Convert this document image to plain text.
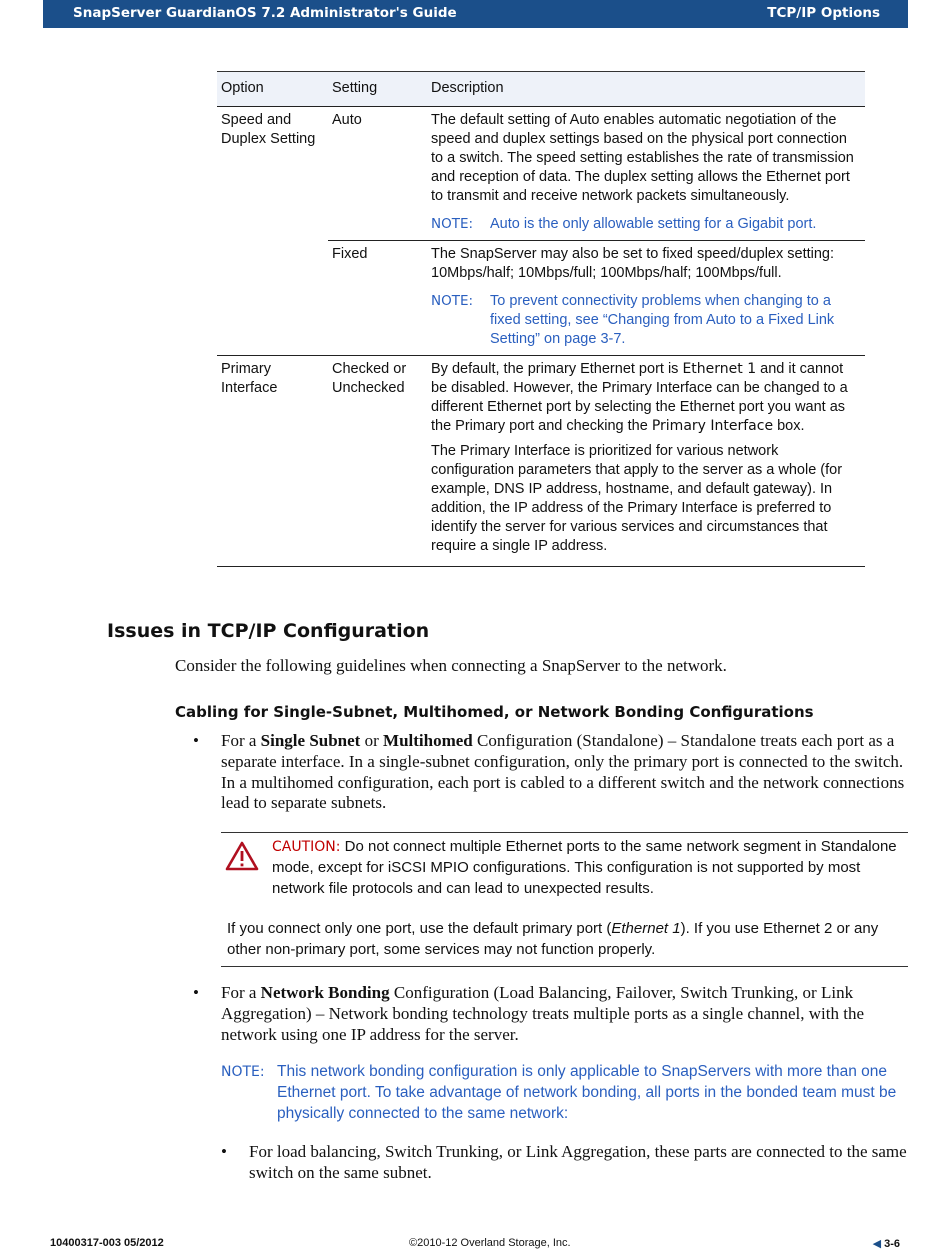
SnapServer GuardianOS 7.2 Administrator's Guide	TCP/IP Options
Option	Setting	Description
Speed and Duplex Setting	Auto	The default setting of Auto enables automatic negotiation of the speed and duplex settings based on the physical port connection to a switch. The speed setting establishes the rate of transmission and reception of data. The duplex setting allows the Ethernet port to transmit and receive network packets simultaneously.
NOTE: Auto is the only allowable setting for a Gigabit port.

	Fixed	The SnapServer may also be set to fixed speed/duplex setting: 10Mbps/half; 10Mbps/full; 100Mbps/half; 100Mbps/full.
NOTE: To prevent connectivity problems when changing to a fixed setting, see “Changing from Auto to a Fixed Link Setting” on page 3-7.

Primary Interface	Checked or Unchecked	By default, the primary Ethernet port is Ethernet 1 and it cannot be disabled. However, the Primary Interface can be changed to a different Ethernet port by selecting the Ethernet port you want as the Primary port and checking the Primary Interface box.

The Primary Interface is prioritized for various network configuration parameters that apply to the server as a whole (for example, DNS IP address, hostname, and default gateway). In addition, the IP address of the Primary Interface is preferred to identify the server for various services and circumstances that require a single IP address.

Issues in TCP/IP Configuration

Consider the following guidelines when connecting a SnapServer to the network.

Cabling for Single-Subnet, Multihomed, or Network Bonding Configurations
•	For a Single Subnet or Multihomed Configuration (Standalone) – Standalone treats each port as a separate interface. In a single-subnet configuration, only the primary port is connected to the switch. In a multihomed configuration, each port is cabled to a different switch and the network connections lead to separate subnets.

CAUTION: Do not connect multiple Ethernet ports to the same network segment in Standalone mode, except for iSCSI MPIO configurations. This configuration is not supported by most network file protocols and can lead to unexpected results.

If you connect only one port, use the default primary port (Ethernet 1). If you use Ethernet 2 or any other non-primary port, some services may not function properly.

•	For a Network Bonding Configuration (Load Balancing, Failover, Switch Trunking, or Link Aggregation) – Network bonding technology treats multiple ports as a single channel, with the network using one IP address for the server.
NOTE: This network bonding configuration is only applicable to SnapServers with more than one Ethernet port. To take advantage of network bonding, all ports in the bonded team must be physically connected to the same network:
•	For load balancing, Switch Trunking, or Link Aggregation, these parts are connected to the same switch on the same subnet.
10400317-003 05/2012	©2010-12 Overland Storage, Inc.	◀ 3-6
